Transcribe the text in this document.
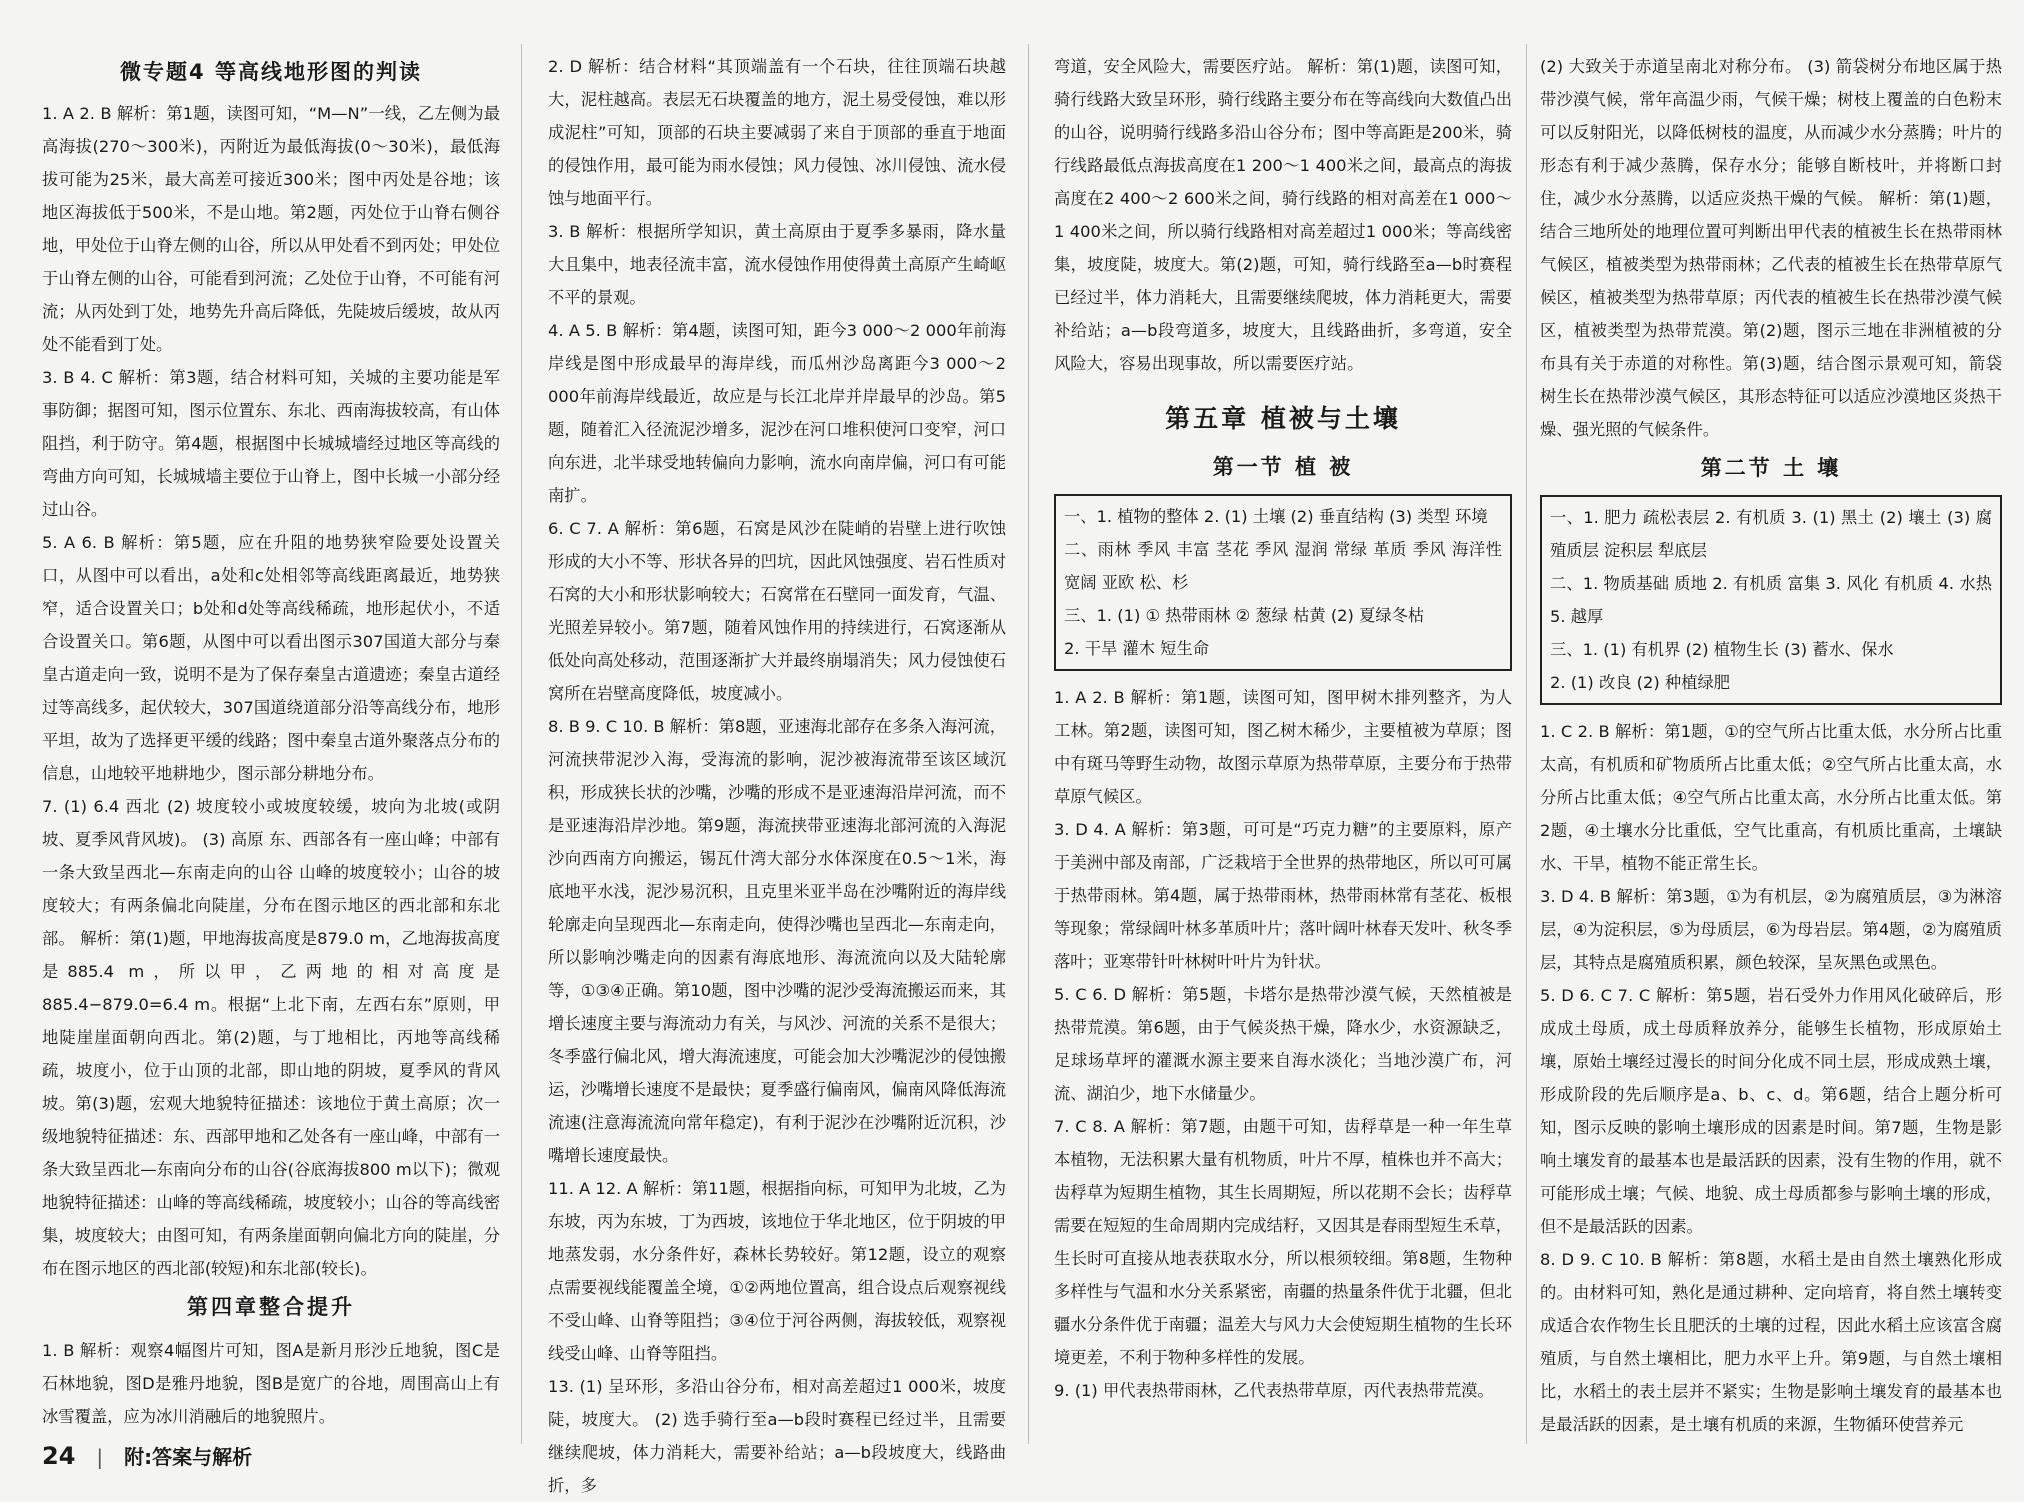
微专题4 等高线地形图的判读

1. A 2. B 解析：第1题，读图可知，“M—N”一线，乙左侧为最高海拔(270～300米)，丙附近为最低海拔(0～30米)，最低海拔可能为25米，最大高差可接近300米；图中丙处是谷地；该地区海拔低于500米，不是山地。第2题，丙处位于山脊右侧谷地，甲处位于山脊左侧的山谷，所以从甲处看不到丙处；甲处位于山脊左侧的山谷，可能看到河流；乙处位于山脊，不可能有河流；从丙处到丁处，地势先升高后降低，先陡坡后缓坡，故从丙处不能看到丁处。

3. B 4. C 解析：第3题，结合材料可知，关城的主要功能是军事防御；据图可知，图示位置东、东北、西南海拔较高，有山体阻挡，利于防守。第4题，根据图中长城城墙经过地区等高线的弯曲方向可知，长城城墙主要位于山脊上，图中长城一小部分经过山谷。

5. A 6. B 解析：第5题，应在升阻的地势狭窄险要处设置关口，从图中可以看出，a处和c处相邻等高线距离最近，地势狭窄，适合设置关口；b处和d处等高线稀疏，地形起伏小，不适合设置关口。第6题，从图中可以看出图示307国道大部分与秦皇古道走向一致，说明不是为了保存秦皇古道遗迹；秦皇古道经过等高线多，起伏较大，307国道绕道部分沿等高线分布，地形平坦，故为了选择更平缓的线路；图中秦皇古道外聚落点分布的信息，山地较平地耕地少，图示部分耕地分布。

7. (1) 6.4 西北 (2) 坡度较小或坡度较缓，坡向为北坡(或阴坡、夏季风背风坡)。 (3) 高原 东、西部各有一座山峰；中部有一条大致呈西北—东南走向的山谷 山峰的坡度较小；山谷的坡度较大；有两条偏北向陡崖，分布在图示地区的西北部和东北部。 解析：第(1)题，甲地海拔高度是879.0 m，乙地海拔高度是885.4 m，所以甲，乙两地的相对高度是885.4−879.0=6.4 m。根据“上北下南，左西右东”原则，甲地陡崖崖面朝向西北。第(2)题，与丁地相比，丙地等高线稀疏，坡度小，位于山顶的北部，即山地的阴坡，夏季风的背风坡。第(3)题，宏观大地貌特征描述：该地位于黄土高原；次一级地貌特征描述：东、西部甲地和乙处各有一座山峰，中部有一条大致呈西北—东南向分布的山谷(谷底海拔800 m以下)；微观地貌特征描述：山峰的等高线稀疏，坡度较小；山谷的等高线密集，坡度较大；由图可知，有两条崖面朝向偏北方向的陡崖，分布在图示地区的西北部(较短)和东北部(较长)。

第四章整合提升

1. B 解析：观察4幅图片可知，图A是新月形沙丘地貌，图C是石林地貌，图D是雅丹地貌，图B是宽广的谷地，周围高山上有冰雪覆盖，应为冰川消融后的地貌照片。

2. D 解析：结合材料“其顶端盖有一个石块，往往顶端石块越大，泥柱越高。表层无石块覆盖的地方，泥土易受侵蚀，难以形成泥柱”可知，顶部的石块主要减弱了来自于顶部的垂直于地面的侵蚀作用，最可能为雨水侵蚀；风力侵蚀、冰川侵蚀、流水侵蚀与地面平行。

3. B 解析：根据所学知识，黄土高原由于夏季多暴雨，降水量大且集中，地表径流丰富，流水侵蚀作用使得黄土高原产生崎岖不平的景观。

4. A 5. B 解析：第4题，读图可知，距今3 000～2 000年前海岸线是图中形成最早的海岸线，而瓜州沙岛离距今3 000～2 000年前海岸线最近，故应是与长江北岸并岸最早的沙岛。第5题，随着汇入径流泥沙增多，泥沙在河口堆积使河口变窄，河口向东进，北半球受地转偏向力影响，流水向南岸偏，河口有可能南扩。

6. C 7. A 解析：第6题，石窝是风沙在陡峭的岩壁上进行吹蚀形成的大小不等、形状各异的凹坑，因此风蚀强度、岩石性质对石窝的大小和形状影响较大；石窝常在石壁同一面发育，气温、光照差异较小。第7题，随着风蚀作用的持续进行，石窝逐渐从低处向高处移动，范围逐渐扩大并最终崩塌消失；风力侵蚀使石窝所在岩壁高度降低，坡度减小。

8. B 9. C 10. B 解析：第8题，亚速海北部存在多条入海河流，河流挟带泥沙入海，受海流的影响，泥沙被海流带至该区域沉积，形成狭长状的沙嘴，沙嘴的形成不是亚速海沿岸河流，而不是亚速海沿岸沙地。第9题，海流挟带亚速海北部河流的入海泥沙向西南方向搬运，锡瓦什湾大部分水体深度在0.5～1米，海底地平水浅，泥沙易沉积，且克里米亚半岛在沙嘴附近的海岸线轮廓走向呈现西北—东南走向，使得沙嘴也呈西北—东南走向，所以影响沙嘴走向的因素有海底地形、海流流向以及大陆轮廓等，①③④正确。第10题，图中沙嘴的泥沙受海流搬运而来，其增长速度主要与海流动力有关，与风沙、河流的关系不是很大；冬季盛行偏北风，增大海流速度，可能会加大沙嘴泥沙的侵蚀搬运，沙嘴增长速度不是最快；夏季盛行偏南风，偏南风降低海流流速(注意海流流向常年稳定)，有利于泥沙在沙嘴附近沉积，沙嘴增长速度最快。

11. A 12. A 解析：第11题，根据指向标，可知甲为北坡，乙为东坡，丙为东坡，丁为西坡，该地位于华北地区，位于阴坡的甲地蒸发弱，水分条件好，森林长势较好。第12题，设立的观察点需要视线能覆盖全境，①②两地位置高，组合设点后观察视线不受山峰、山脊等阻挡；③④位于河谷两侧，海拔较低，观察视线受山峰、山脊等阻挡。

13. (1) 呈环形，多沿山谷分布，相对高差超过1 000米，坡度陡，坡度大。 (2) 选手骑行至a—b段时赛程已经过半，且需要继续爬坡，体力消耗大，需要补给站；a—b段坡度大，线路曲折，多

弯道，安全风险大，需要医疗站。 解析：第(1)题，读图可知，骑行线路大致呈环形，骑行线路主要分布在等高线向大数值凸出的山谷，说明骑行线路多沿山谷分布；图中等高距是200米，骑行线路最低点海拔高度在1 200～1 400米之间，最高点的海拔高度在2 400～2 600米之间，骑行线路的相对高差在1 000～1 400米之间，所以骑行线路相对高差超过1 000米；等高线密集，坡度陡，坡度大。第(2)题，可知，骑行线路至a—b时赛程已经过半，体力消耗大，且需要继续爬坡，体力消耗更大，需要补给站；a—b段弯道多，坡度大，且线路曲折，多弯道，安全风险大，容易出现事故，所以需要医疗站。

第五章 植被与土壤
第一节 植 被
一、1. 植物的整体 2. (1) 土壤 (2) 垂直结构 (3) 类型 环境
二、雨林 季风 丰富 茎花 季风 湿润 常绿 革质 季风 海洋性 宽阔 亚欧 松、杉
三、1. (1) ① 热带雨林 ② 葱绿 枯黄 (2) 夏绿冬枯
2. 干旱 灌木 短生命

1. A 2. B 解析：第1题，读图可知，图甲树木排列整齐，为人工林。第2题，读图可知，图乙树木稀少，主要植被为草原；图中有斑马等野生动物，故图示草原为热带草原，主要分布于热带草原气候区。

3. D 4. A 解析：第3题，可可是“巧克力糖”的主要原料，原产于美洲中部及南部，广泛栽培于全世界的热带地区，所以可可属于热带雨林。第4题，属于热带雨林，热带雨林常有茎花、板根等现象；常绿阔叶林多革质叶片；落叶阔叶林春天发叶、秋冬季落叶；亚寒带针叶林树叶叶片为针状。

5. C 6. D 解析：第5题，卡塔尔是热带沙漠气候，天然植被是热带荒漠。第6题，由于气候炎热干燥，降水少，水资源缺乏，足球场草坪的灌溉水源主要来自海水淡化；当地沙漠广布，河流、湖泊少，地下水储量少。

7. C 8. A 解析：第7题，由题干可知，齿稃草是一种一年生草本植物，无法积累大量有机物质，叶片不厚，植株也并不高大；齿稃草为短期生植物，其生长周期短，所以花期不会长；齿稃草需要在短短的生命周期内完成结籽，又因其是春雨型短生禾草，生长时可直接从地表获取水分，所以根须较细。第8题，生物种多样性与气温和水分关系紧密，南疆的热量条件优于北疆，但北疆水分条件优于南疆；温差大与风力大会使短期生植物的生长环境更差，不利于物种多样性的发展。

9. (1) 甲代表热带雨林，乙代表热带草原，丙代表热带荒漠。

(2) 大致关于赤道呈南北对称分布。 (3) 箭袋树分布地区属于热带沙漠气候，常年高温少雨，气候干燥；树枝上覆盖的白色粉末可以反射阳光，以降低树枝的温度，从而减少水分蒸腾；叶片的形态有利于减少蒸腾，保存水分；能够自断枝叶，并将断口封住，减少水分蒸腾，以适应炎热干燥的气候。 解析：第(1)题，结合三地所处的地理位置可判断出甲代表的植被生长在热带雨林气候区，植被类型为热带雨林；乙代表的植被生长在热带草原气候区，植被类型为热带草原；丙代表的植被生长在热带沙漠气候区，植被类型为热带荒漠。第(2)题，图示三地在非洲植被的分布具有关于赤道的对称性。第(3)题，结合图示景观可知，箭袋树生长在热带沙漠气候区，其形态特征可以适应沙漠地区炎热干燥、强光照的气候条件。

第二节 土 壤
一、1. 肥力 疏松表层 2. 有机质 3. (1) 黑土 (2) 壤土 (3) 腐殖质层 淀积层 犁底层
二、1. 物质基础 质地 2. 有机质 富集 3. 风化 有机质 4. 水热 5. 越厚
三、1. (1) 有机界 (2) 植物生长 (3) 蓄水、保水
2. (1) 改良 (2) 种植绿肥

1. C 2. B 解析：第1题，①的空气所占比重太低，水分所占比重太高，有机质和矿物质所占比重太低；②空气所占比重太高，水分所占比重太低；④空气所占比重太高，水分所占比重太低。第2题，④土壤水分比重低，空气比重高，有机质比重高，土壤缺水、干旱，植物不能正常生长。

3. D 4. B 解析：第3题，①为有机层，②为腐殖质层，③为淋溶层，④为淀积层，⑤为母质层，⑥为母岩层。第4题，②为腐殖质层，其特点是腐殖质积累，颜色较深，呈灰黑色或黑色。

5. D 6. C 7. C 解析：第5题，岩石受外力作用风化破碎后，形成成土母质，成土母质释放养分，能够生长植物，形成原始土壤，原始土壤经过漫长的时间分化成不同土层，形成成熟土壤，形成阶段的先后顺序是a、b、c、d。第6题，结合上题分析可知，图示反映的影响土壤形成的因素是时间。第7题，生物是影响土壤发育的最基本也是最活跃的因素，没有生物的作用，就不可能形成土壤；气候、地貌、成土母质都参与影响土壤的形成，但不是最活跃的因素。

8. D 9. C 10. B 解析：第8题，水稻土是由自然土壤熟化形成的。由材料可知，熟化是通过耕种、定向培育，将自然土壤转变成适合农作物生长且肥沃的土壤的过程，因此水稻土应该富含腐殖质，与自然土壤相比，肥力水平上升。第9题，与自然土壤相比，水稻土的表土层并不紧实；生物是影响土壤发育的最基本也是最活跃的因素，是土壤有机质的来源，生物循环使营养元

24 | 附:答案与解析
